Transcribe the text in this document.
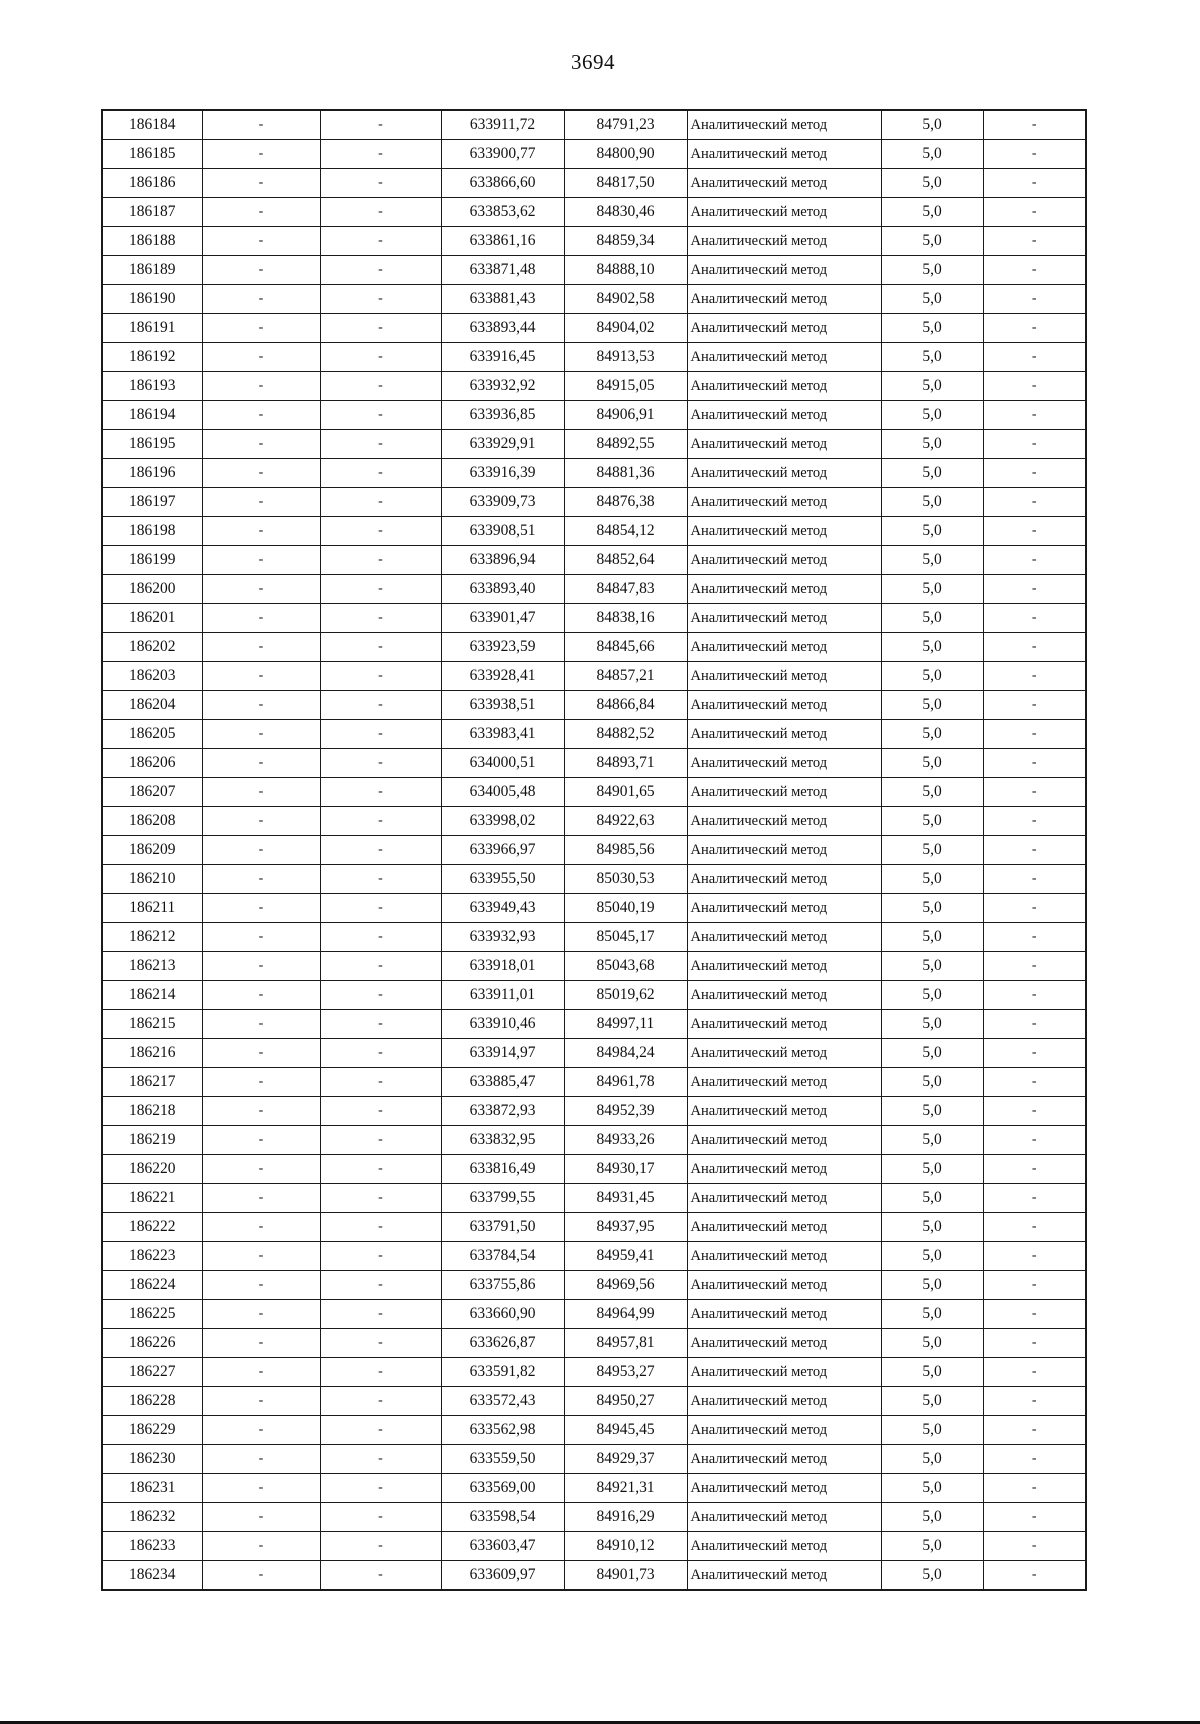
3694
186184	-	-	633911,72	84791,23	Аналитический метод	5,0	-
186185	-	-	633900,77	84800,90	Аналитический метод	5,0	-
186186	-	-	633866,60	84817,50	Аналитический метод	5,0	-
186187	-	-	633853,62	84830,46	Аналитический метод	5,0	-
186188	-	-	633861,16	84859,34	Аналитический метод	5,0	-
186189	-	-	633871,48	84888,10	Аналитический метод	5,0	-
186190	-	-	633881,43	84902,58	Аналитический метод	5,0	-
186191	-	-	633893,44	84904,02	Аналитический метод	5,0	-
186192	-	-	633916,45	84913,53	Аналитический метод	5,0	-
186193	-	-	633932,92	84915,05	Аналитический метод	5,0	-
186194	-	-	633936,85	84906,91	Аналитический метод	5,0	-
186195	-	-	633929,91	84892,55	Аналитический метод	5,0	-
186196	-	-	633916,39	84881,36	Аналитический метод	5,0	-
186197	-	-	633909,73	84876,38	Аналитический метод	5,0	-
186198	-	-	633908,51	84854,12	Аналитический метод	5,0	-
186199	-	-	633896,94	84852,64	Аналитический метод	5,0	-
186200	-	-	633893,40	84847,83	Аналитический метод	5,0	-
186201	-	-	633901,47	84838,16	Аналитический метод	5,0	-
186202	-	-	633923,59	84845,66	Аналитический метод	5,0	-
186203	-	-	633928,41	84857,21	Аналитический метод	5,0	-
186204	-	-	633938,51	84866,84	Аналитический метод	5,0	-
186205	-	-	633983,41	84882,52	Аналитический метод	5,0	-
186206	-	-	634000,51	84893,71	Аналитический метод	5,0	-
186207	-	-	634005,48	84901,65	Аналитический метод	5,0	-
186208	-	-	633998,02	84922,63	Аналитический метод	5,0	-
186209	-	-	633966,97	84985,56	Аналитический метод	5,0	-
186210	-	-	633955,50	85030,53	Аналитический метод	5,0	-
186211	-	-	633949,43	85040,19	Аналитический метод	5,0	-
186212	-	-	633932,93	85045,17	Аналитический метод	5,0	-
186213	-	-	633918,01	85043,68	Аналитический метод	5,0	-
186214	-	-	633911,01	85019,62	Аналитический метод	5,0	-
186215	-	-	633910,46	84997,11	Аналитический метод	5,0	-
186216	-	-	633914,97	84984,24	Аналитический метод	5,0	-
186217	-	-	633885,47	84961,78	Аналитический метод	5,0	-
186218	-	-	633872,93	84952,39	Аналитический метод	5,0	-
186219	-	-	633832,95	84933,26	Аналитический метод	5,0	-
186220	-	-	633816,49	84930,17	Аналитический метод	5,0	-
186221	-	-	633799,55	84931,45	Аналитический метод	5,0	-
186222	-	-	633791,50	84937,95	Аналитический метод	5,0	-
186223	-	-	633784,54	84959,41	Аналитический метод	5,0	-
186224	-	-	633755,86	84969,56	Аналитический метод	5,0	-
186225	-	-	633660,90	84964,99	Аналитический метод	5,0	-
186226	-	-	633626,87	84957,81	Аналитический метод	5,0	-
186227	-	-	633591,82	84953,27	Аналитический метод	5,0	-
186228	-	-	633572,43	84950,27	Аналитический метод	5,0	-
186229	-	-	633562,98	84945,45	Аналитический метод	5,0	-
186230	-	-	633559,50	84929,37	Аналитический метод	5,0	-
186231	-	-	633569,00	84921,31	Аналитический метод	5,0	-
186232	-	-	633598,54	84916,29	Аналитический метод	5,0	-
186233	-	-	633603,47	84910,12	Аналитический метод	5,0	-
186234	-	-	633609,97	84901,73	Аналитический метод	5,0	-
